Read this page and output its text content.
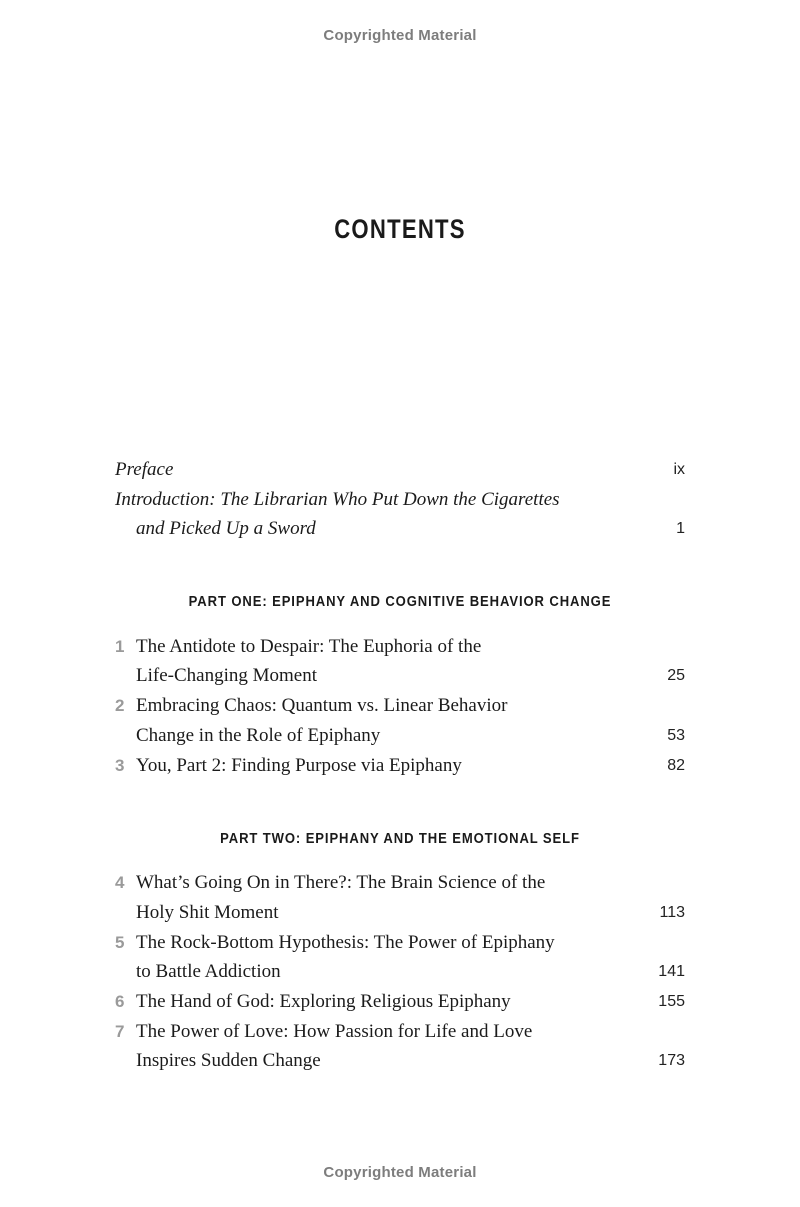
Copyrighted Material
CONTENTS
Preface	ix
Introduction: The Librarian Who Put Down the Cigarettes
and Picked Up a Sword	1
PART ONE: EPIPHANY AND COGNITIVE BEHAVIOR CHANGE
1 The Antidote to Despair: The Euphoria of the
Life-Changing Moment	25
2 Embracing Chaos: Quantum vs. Linear Behavior
Change in the Role of Epiphany	53
3 You, Part 2: Finding Purpose via Epiphany	82
PART TWO: EPIPHANY AND THE EMOTIONAL SELF
4 What’s Going On in There?: The Brain Science of the
Holy Shit Moment	113
5 The Rock-Bottom Hypothesis: The Power of Epiphany
to Battle Addiction	141
6 The Hand of God: Exploring Religious Epiphany	155
7 The Power of Love: How Passion for Life and Love
Inspires Sudden Change	173
Copyrighted Material
